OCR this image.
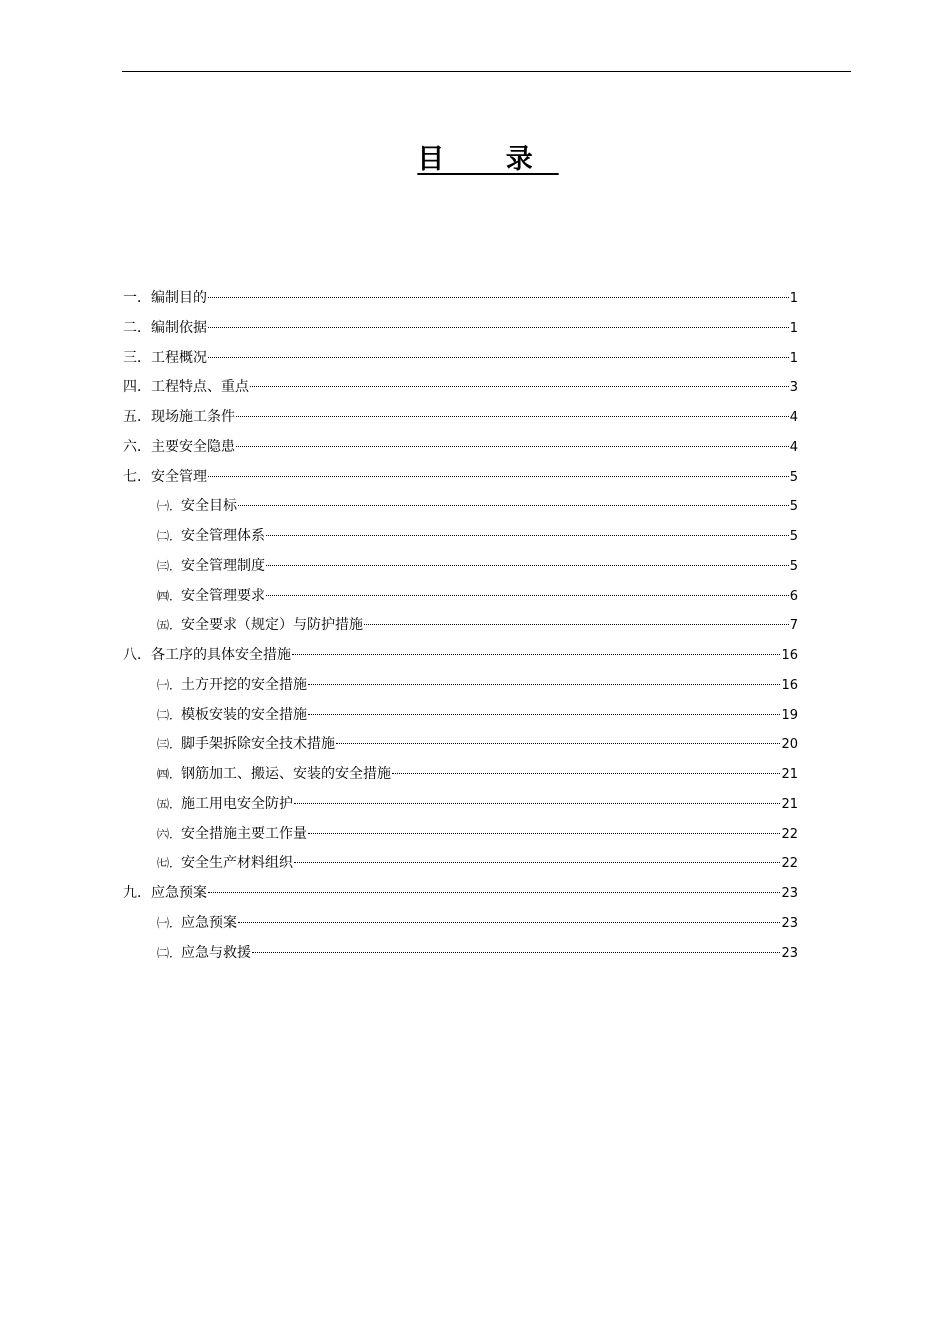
目 录
一． 编制目的	1
二． 编制依据	1
三． 工程概况	1
四． 工程特点、重点	3
五． 现场施工条件	4
六． 主要安全隐患	4
七． 安全管理	5
㈠． 安全目标	5
㈡． 安全管理体系	5
㈢． 安全管理制度	5
㈣． 安全管理要求	6
㈤． 安全要求（规定）与防护措施	7
八． 各工序的具体安全措施	16
㈠． 土方开挖的安全措施	16
㈡． 模板安装的安全措施	19
㈢． 脚手架拆除安全技术措施	20
㈣． 钢筋加工、搬运、安装的安全措施	21
㈤． 施工用电安全防护	21
㈥． 安全措施主要工作量	22
㈦． 安全生产材料组织	22
九． 应急预案	23
㈠． 应急预案	23
㈡． 应急与救援	23
